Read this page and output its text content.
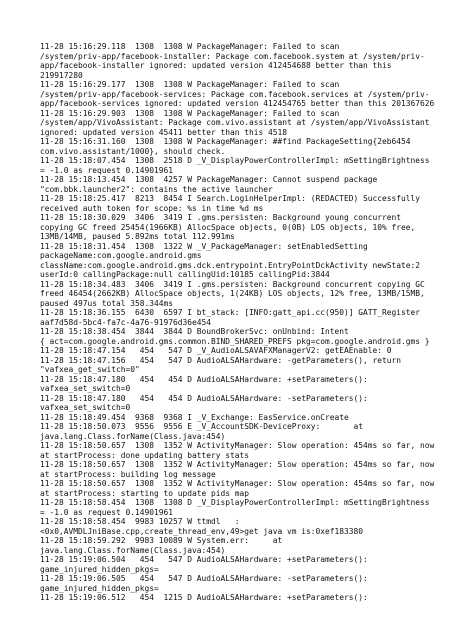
11-28 15:16:29.118  1308  1308 W PackageManager: Failed to scan
/system/priv-app/facebook-installer: Package com.facebook.system at /system/priv-
app/facebook-installer ignored: updated version 412454688 better than this
219917280
11-28 15:16:29.177  1308  1308 W PackageManager: Failed to scan
/system/priv-app/facebook-services: Package com.facebook.services at /system/priv-
app/facebook-services ignored: updated version 412454765 better than this 201367626
11-28 15:16:29.903  1308  1308 W PackageManager: Failed to scan
/system/app/VivoAssistant: Package com.vivo.assistant at /system/app/VivoAssistant
ignored: updated version 45411 better than this 4518
11-28 15:16:31.160  1308  1308 W PackageManager: ##find PackageSetting{2eb6454
com.vivo.assistant/1000}, should check.
11-28 15:18:07.454  1308  2518 D _V_DisplayPowerControllerImpl: mSettingBrightness
= -1.0 as request 0.14901961
11-28 15:18:13.454  1308  4257 W PackageManager: Cannot suspend package
"com.bbk.launcher2": contains the active launcher
11-28 15:18:25.417  8213  8454 I Search.LoginHelperImpl: (REDACTED) Successfully
received auth token for scope: %s in time %d ms
11-28 15:18:30.029  3406  3419 I .gms.persisten: Background young concurrent
copying GC freed 25454(1966KB) AllocSpace objects, 0(0B) LOS objects, 10% free,
13MB/14MB, paused 5.892ms total 112.991ms
11-28 15:18:31.454  1308  1322 W _V_PackageManager: setEnabledSetting
packageName:com.google.android.gms
className:com.google.android.gms.dck.entrypoint.EntryPointDckActivity newState:2
userId:0 callingPackage:null callingUid:10185 callingPid:3844
11-28 15:18:34.483  3406  3419 I .gms.persisten: Background concurrent copying GC
freed 46454(2662KB) AllocSpace objects, 1(24KB) LOS objects, 12% free, 13MB/15MB,
paused 497us total 358.344ms
11-28 15:18:36.155  6430  6597 I bt_stack: [INFO:gatt_api.cc(950)] GATT_Register
aaf7d58d-5bc4-fa7c-4a76-91976d36e454
11-28 15:18:38.454  3844  3844 D BoundBrokerSvc: onUnbind: Intent
{ act=com.google.android.gms.common.BIND_SHARED_PREFS pkg=com.google.android.gms }
11-28 15:18:47.154   454   547 D _V_AudioALSAVAFXManagerV2: getEAEnable: 0
11-28 15:18:47.156   454   547 D AudioALSAHardware: -getParameters(), return
"vafxea_get_switch=0"
11-28 15:18:47.180   454   454 D AudioALSAHardware: +setParameters():
vafxea_set_switch=0
11-28 15:18:47.180   454   454 D AudioALSAHardware: -setParameters():
vafxea_set_switch=0
11-28 15:18:49.454  9368  9368 I _V_Exchange: EasService.onCreate
11-28 15:18:50.073  9556  9556 E _V_AccountSDK-DeviceProxy:       at
java.lang.Class.forName(Class.java:454)
11-28 15:18:50.657  1308  1352 W ActivityManager: Slow operation: 454ms so far, now
at startProcess: done updating battery stats
11-28 15:18:50.657  1308  1352 W ActivityManager: Slow operation: 454ms so far, now
at startProcess: building log message
11-28 15:18:50.657  1308  1352 W ActivityManager: Slow operation: 454ms so far, now
at startProcess: starting to update pids map
11-28 15:18:58.454  1308  1308 D _V_DisplayPowerControllerImpl: mSettingBrightness
= -1.0 as request 0.14901961
11-28 15:18:58.454  9983 10257 W ttmdl   :
<0x0,AVMDLJniBase.cpp,create_thread_env,49>get java vm is:0xef183380
11-28 15:18:59.292  9983 10089 W System.err:     at
java.lang.Class.forName(Class.java:454)
11-28 15:19:06.504   454   547 D AudioALSAHardware: +setParameters():
game_injured_hidden_pkgs=
11-28 15:19:06.505   454   547 D AudioALSAHardware: -setParameters():
game_injured_hidden_pkgs=
11-28 15:19:06.512   454  1215 D AudioALSAHardware: +setParameters():
